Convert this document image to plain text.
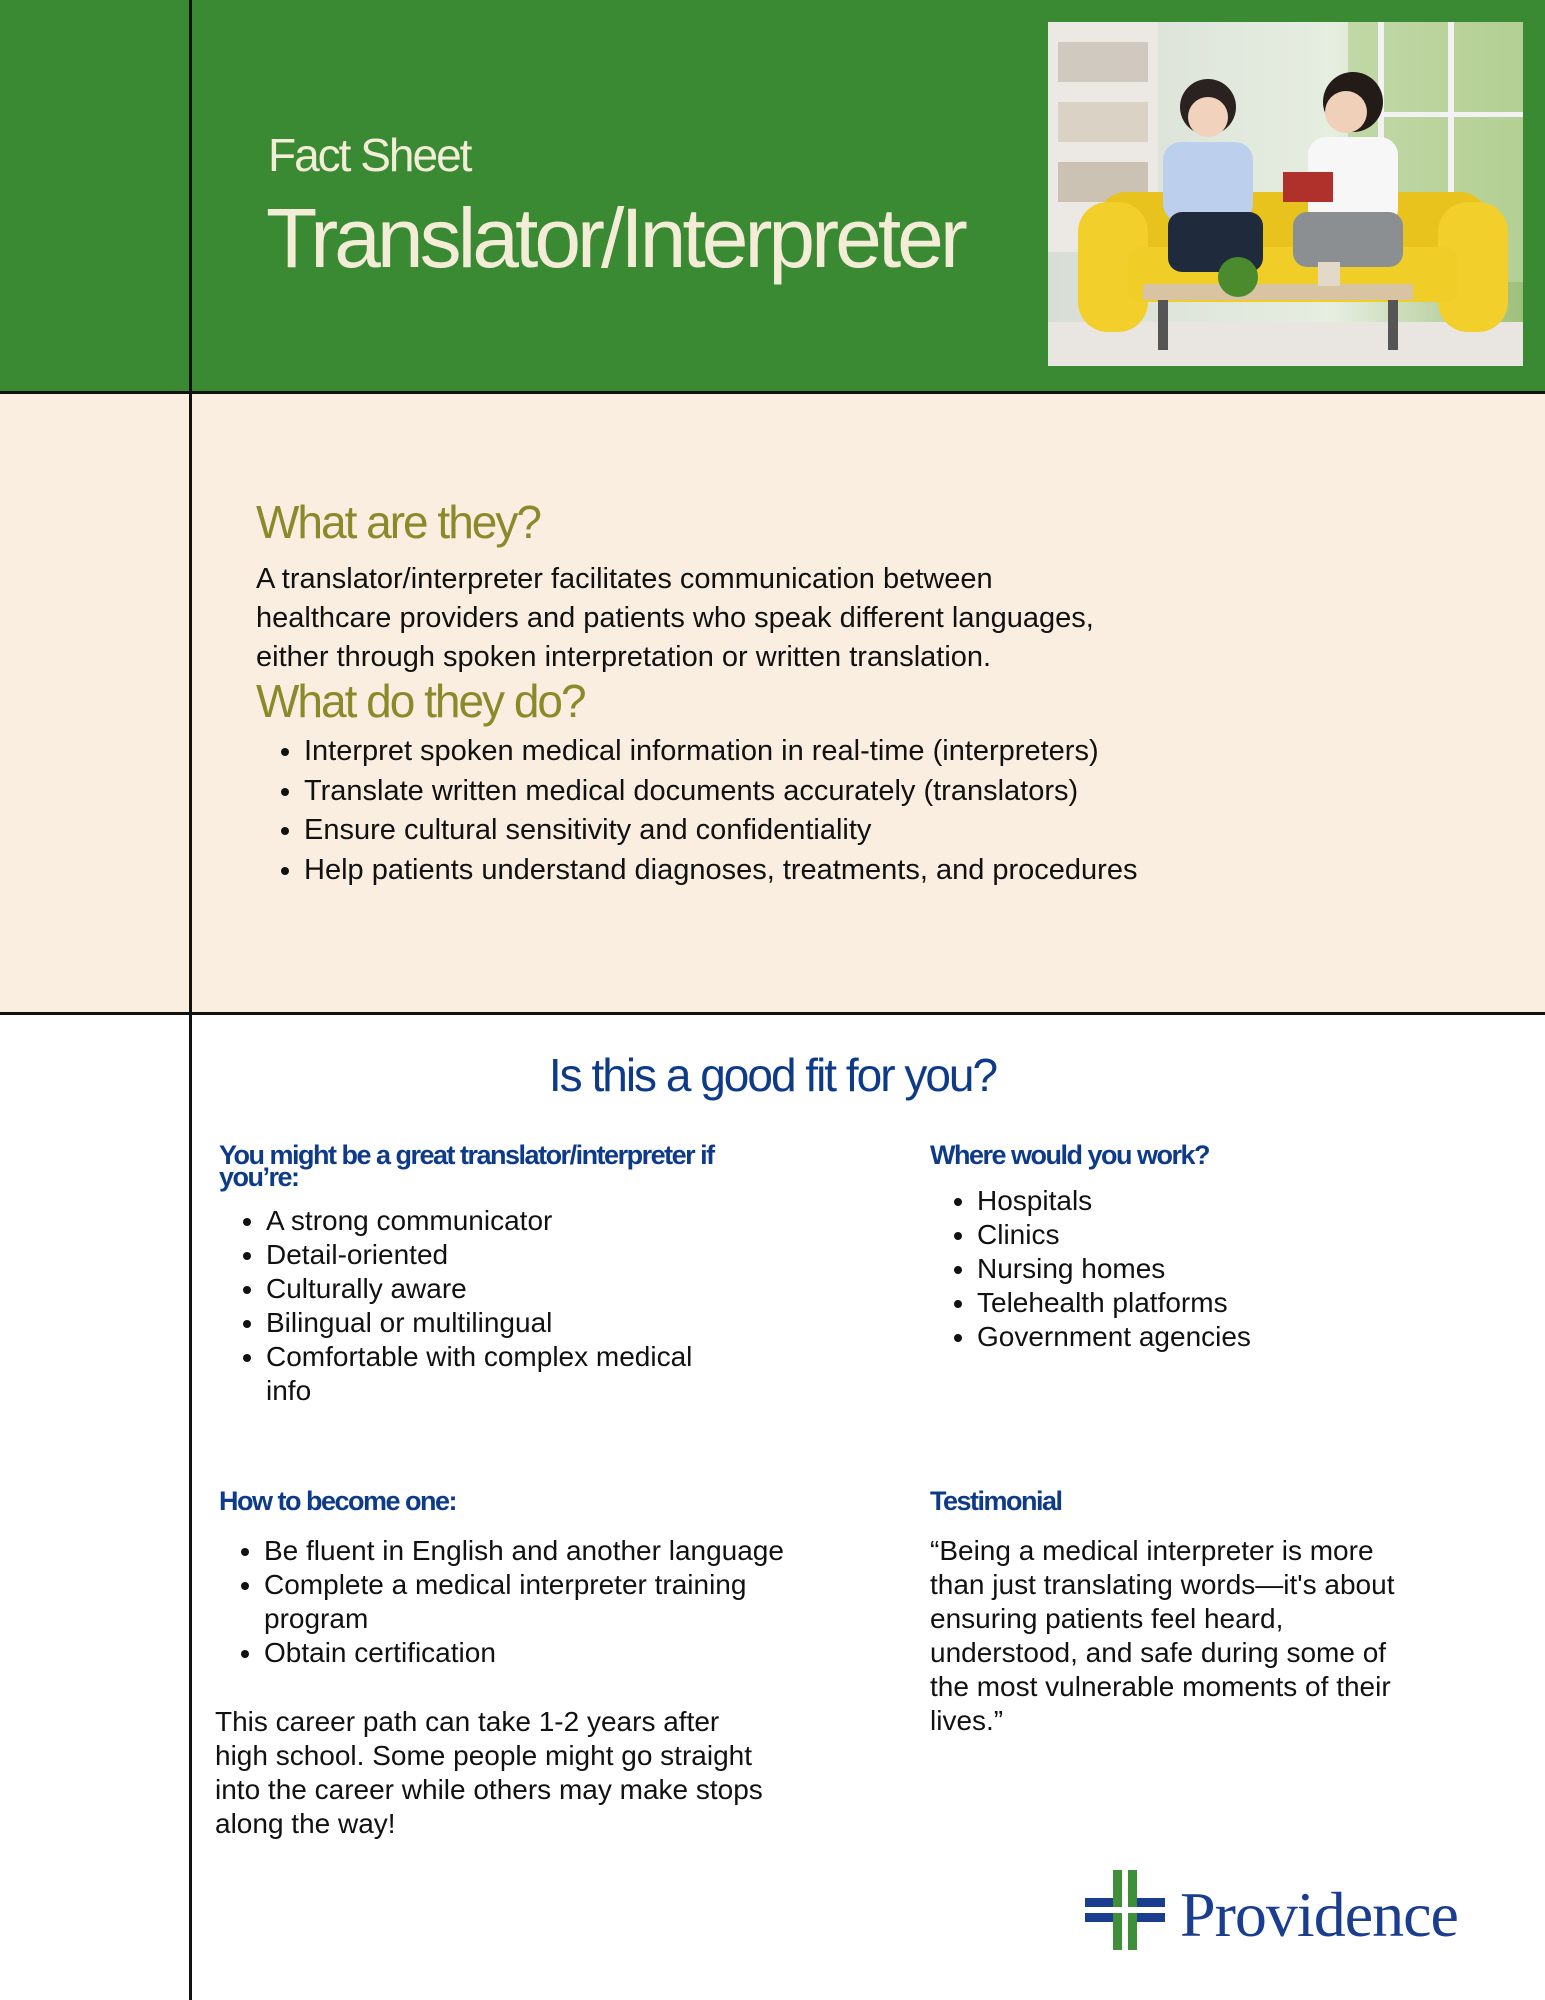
Fact Sheet
Translator/Interpreter
What are they?
A translator/interpreter facilitates communication between
healthcare providers and patients who speak different languages,
either through spoken interpretation or written translation.
What do they do?
• Interpret spoken medical information in real-time (interpreters)
• Translate written medical documents accurately (translators)
• Ensure cultural sensitivity and confidentiality
• Help patients understand diagnoses, treatments, and procedures
Is this a good fit for you?
You might be a great translator/interpreter if
you’re:
• A strong communicator
• Detail-oriented
• Culturally aware
• Bilingual or multilingual
• Comfortable with complex medical
info
Where would you work?
• Hospitals
• Clinics
• Nursing homes
• Telehealth platforms
• Government agencies
How to become one:
• Be fluent in English and another language
• Complete a medical interpreter training
program
• Obtain certification
This career path can take 1-2 years after
high school. Some people might go straight
into the career while others may make stops
along the way!
Testimonial
“Being a medical interpreter is more
than just translating words—it's about
ensuring patients feel heard,
understood, and safe during some of
the most vulnerable moments of their
lives.”
Providence
